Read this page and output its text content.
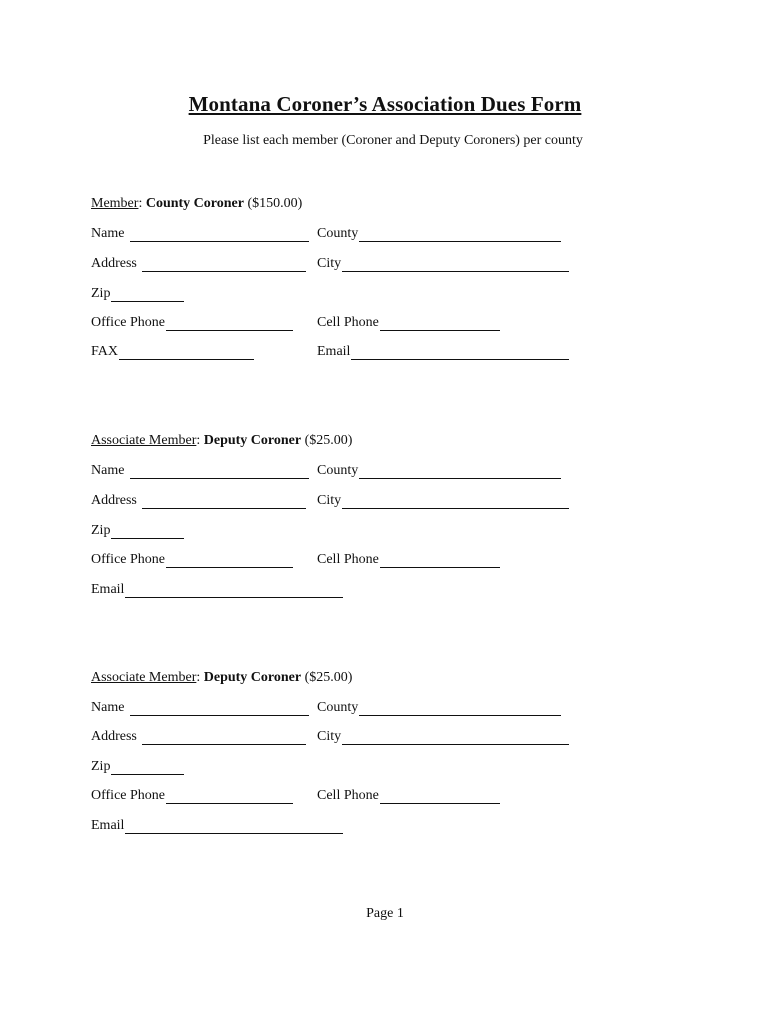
Montana Coroner’s Association Dues Form
Please list each member (Coroner and Deputy Coroners) per county
Member: County Coroner ($150.00)
Name	County
Address	City
Zip
Office Phone	Cell Phone
FAX	Email
Associate Member: Deputy Coroner ($25.00)
Name	County
Address	City
Zip
Office Phone	Cell Phone
Email
Associate Member: Deputy Coroner ($25.00)
Name	County
Address	City
Zip
Office Phone	Cell Phone
Email
Page 1
